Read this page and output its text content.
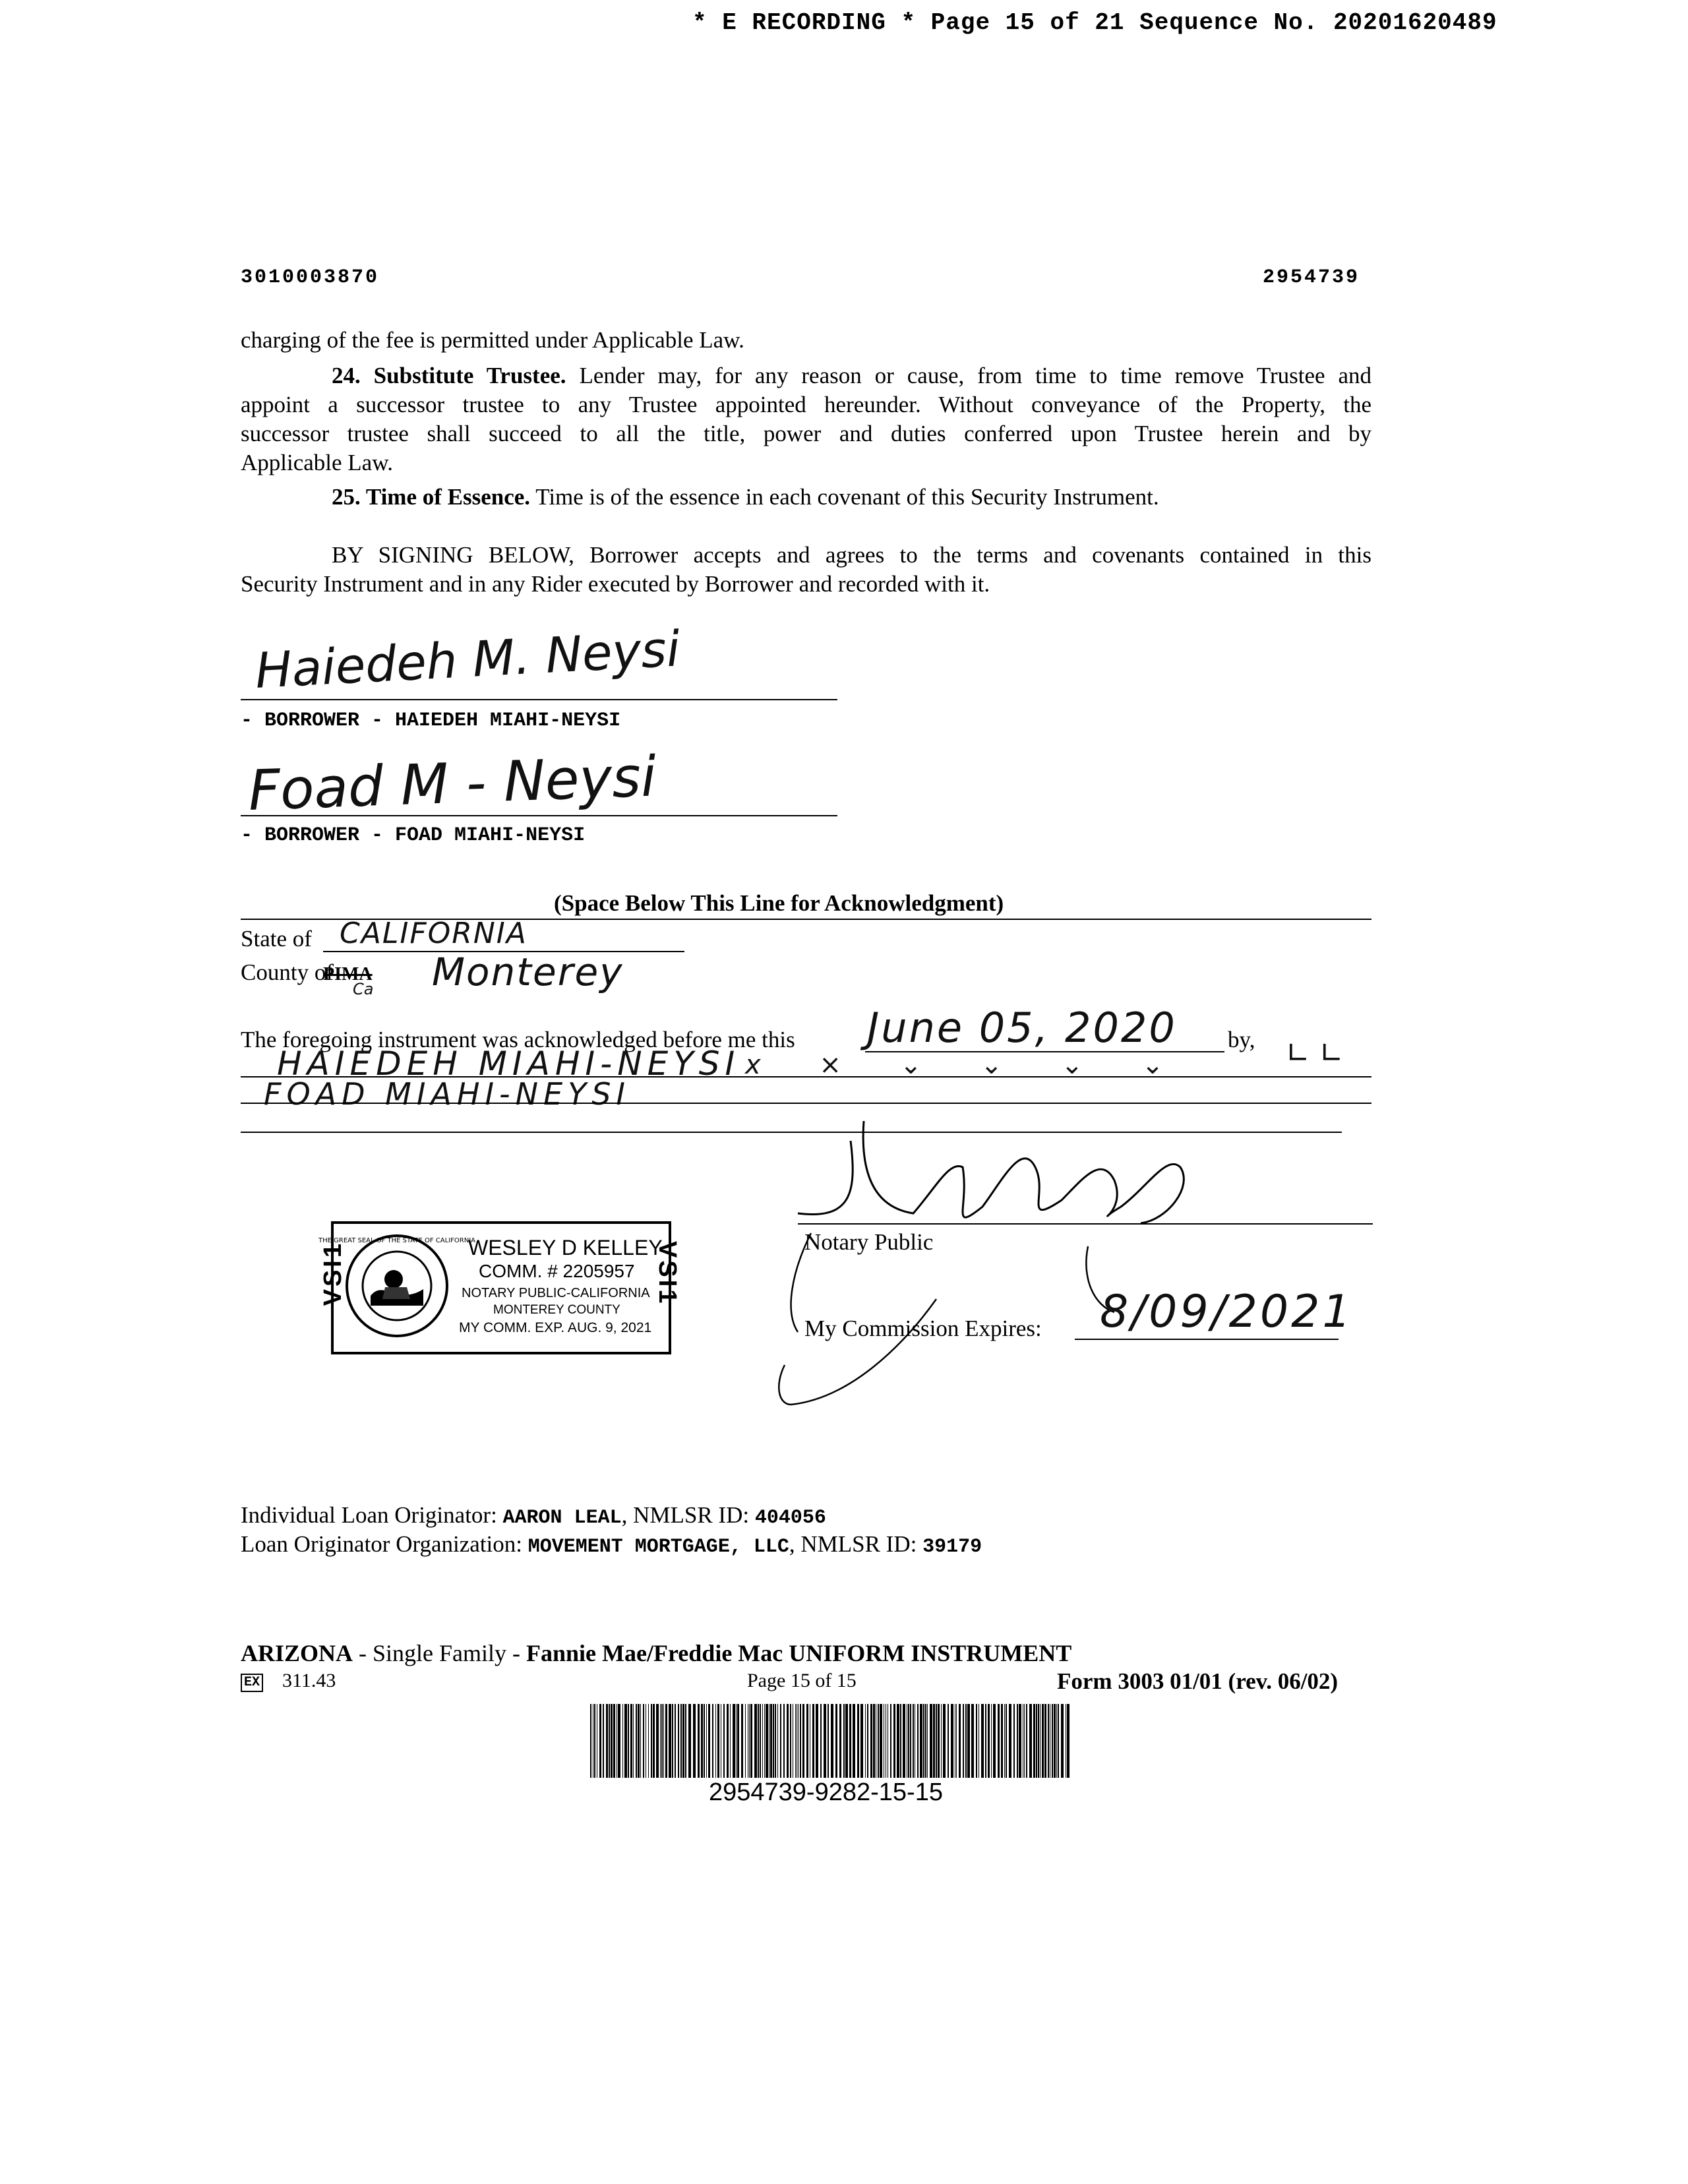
* E RECORDING * Page 15 of 21 Sequence No. 20201620489
3010003870	2954739
charging of the fee is permitted under Applicable Law.
24. Substitute Trustee. Lender may, for any reason or cause, from time to time remove Trustee and
appoint a successor trustee to any Trustee appointed hereunder. Without conveyance of the Property, the
successor trustee shall succeed to all the title, power and duties conferred upon Trustee herein and by
Applicable Law.
25. Time of Essence. Time is of the essence in each covenant of this Security Instrument.
BY SIGNING BELOW, Borrower accepts and agrees to the terms and covenants contained in this
Security Instrument and in any Rider executed by Borrower and recorded with it.
Haiedeh M. Neysi
- BORROWER - HAIEDEH MIAHI-NEYSI
Foad M - Neysi
- BORROWER - FOAD MIAHI-NEYSI
(Space Below This Line for Acknowledgment)
State of CALIFORNIA
County of
PIMA
Ca Monterey
The foregoing instrument was acknowledged before me this June 05, 2020 by, ∟ ∟
HAIEDEH MIAHI-NEYSI x × ⌄ ⌄ ⌄ ⌄
FOAD MIAHI-NEYSI
Notary Public
My Commission Expires: 8/09/2021
VSI1	VSI1
THE GREAT SEAL OF THE STATE OF CALIFORNIA
WESLEY D KELLEY
COMM. # 2205957
NOTARY PUBLIC-CALIFORNIA
MONTEREY COUNTY
MY COMM. EXP. AUG. 9, 2021
Individual Loan Originator: AARON LEAL, NMLSR ID: 404056
Loan Originator Organization: MOVEMENT MORTGAGE, LLC, NMLSR ID: 39179
ARIZONA - Single Family - Fannie Mae/Freddie Mac UNIFORM INSTRUMENT
EX 311.43	Page 15 of 15	Form 3003 01/01 (rev. 06/02)
2954739-9282-15-15
